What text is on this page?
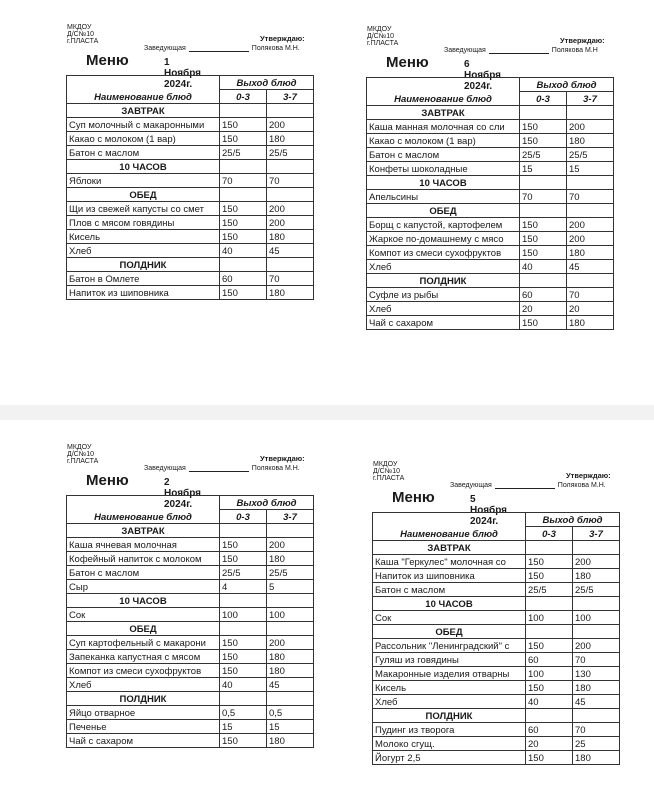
МКДОУ Д/С№10 г.ПЛАСТА	Утверждаю:
Заведующая	Полякова М.Н.
Меню	1 Ноября 2024г.
Наименование блюд	Выход блюд	
	0-3	3-7
ЗАВТРАК		
Суп молочный с макаронными	150	200
Какао с молоком (1 вар)	150	180
Батон с маслом	25/5	25/5
10 ЧАСОВ		
Яблоки	70	70
ОБЕД		
Щи из свежей капусты со смет	150	200
Плов с мясом говядины	150	200
Кисель	150	180
Хлеб	40	45
ПОЛДНИК		
Батон в Омлете	60	70
Напиток из шиповника	150	180
МКДОУ Д/С№10 г.ПЛАСТА	Утверждаю:
Заведующая	Полякова М.Н
Меню	6 Ноября 2024г.
Наименование блюд	Выход блюд	
	0-3	3-7
ЗАВТРАК		
Каша манная молочная со сли	150	200
Какао с молоком (1 вар)	150	180
Батон с маслом	25/5	25/5
Конфеты шоколадные	15	15
10 ЧАСОВ		
Апельсины	70	70
ОБЕД		
Борщ с капустой, картофелем	150	200
Жаркое по-домашнему с мясо	150	200
Компот из смеси сухофруктов	150	180
Хлеб	40	45
ПОЛДНИК		
Суфле из рыбы	60	70
Хлеб	20	20
Чай с сахаром	150	180
МКДОУ Д/С№10 г.ПЛАСТА	Утверждаю:
Заведующая	Полякова М.Н.
Меню	2 Ноября 2024г.
Наименование блюд	Выход блюд	
	0-3	3-7
ЗАВТРАК		
Каша ячневая молочная	150	200
Кофейный напиток с молоком	150	180
Батон с маслом	25/5	25/5
Сыр	4	5
10 ЧАСОВ		
Сок	100	100
ОБЕД		
Суп картофельный с макарони	150	200
Запеканка капустная с мясом	150	180
Компот из смеси сухофруктов	150	180
Хлеб	40	45
ПОЛДНИК		
Яйцо отварное	0,5	0,5
Печенье	15	15
Чай с сахаром	150	180
МКДОУ Д/С№10 г.ПЛАСТА	Утверждаю:
Заведующая	Полякова М.Н.
Меню	5 Ноября 2024г.
Наименование блюд	Выход блюд	
	0-3	3-7
ЗАВТРАК		
Каша "Геркулес" молочная со	150	200
Напиток из шиповника	150	180
Батон с маслом	25/5	25/5
10 ЧАСОВ		
Сок	100	100
ОБЕД		
Рассольник "Ленинградский" с	150	200
Гуляш из говядины	60	70
Макаронные изделия отварны	100	130
Кисель	150	180
Хлеб	40	45
ПОЛДНИК		
Пудинг из творога	60	70
Молоко сгущ.	20	25
Йогурт 2,5	150	180
